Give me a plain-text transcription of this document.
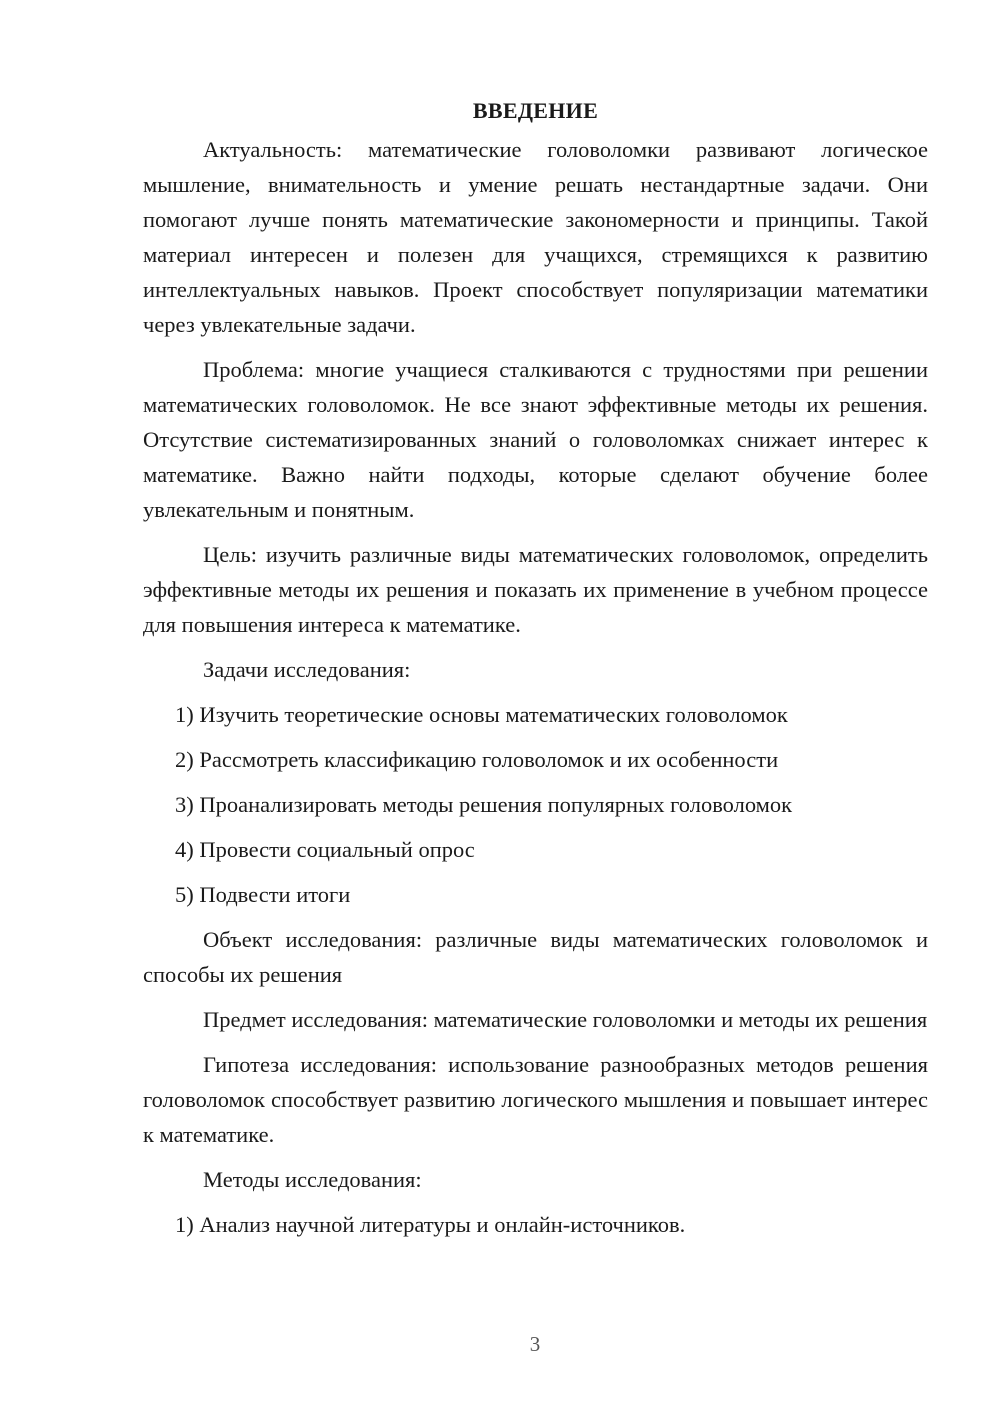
ВВЕДЕНИЕ

Актуальность: математические головоломки развивают логическое мышление, внимательность и умение решать нестандартные задачи. Они помогают лучше понять математические закономерности и принципы. Такой материал интересен и полезен для учащихся, стремящихся к развитию интеллектуальных навыков. Проект способствует популяризации математики через увлекательные задачи.

Проблема: многие учащиеся сталкиваются с трудностями при решении математических головоломок. Не все знают эффективные методы их решения. Отсутствие систематизированных знаний о головоломках снижает интерес к математике. Важно найти подходы, которые сделают обучение более увлекательным и понятным.

Цель: изучить различные виды математических головоломок, определить эффективные методы их решения и показать их применение в учебном процессе для повышения интереса к математике.

Задачи исследования:

1) Изучить теоретические основы математических головоломок

2) Рассмотреть классификацию головоломок и их особенности

3) Проанализировать методы решения популярных головоломок

4) Провести социальный опрос

5) Подвести итоги

Объект исследования: различные виды математических головоломок и способы их решения

Предмет исследования: математические головоломки и методы их решения

Гипотеза исследования: использование разнообразных методов решения головоломок способствует развитию логического мышления и повышает интерес к математике.

Методы исследования:

1) Анализ научной литературы и онлайн-источников.

3
